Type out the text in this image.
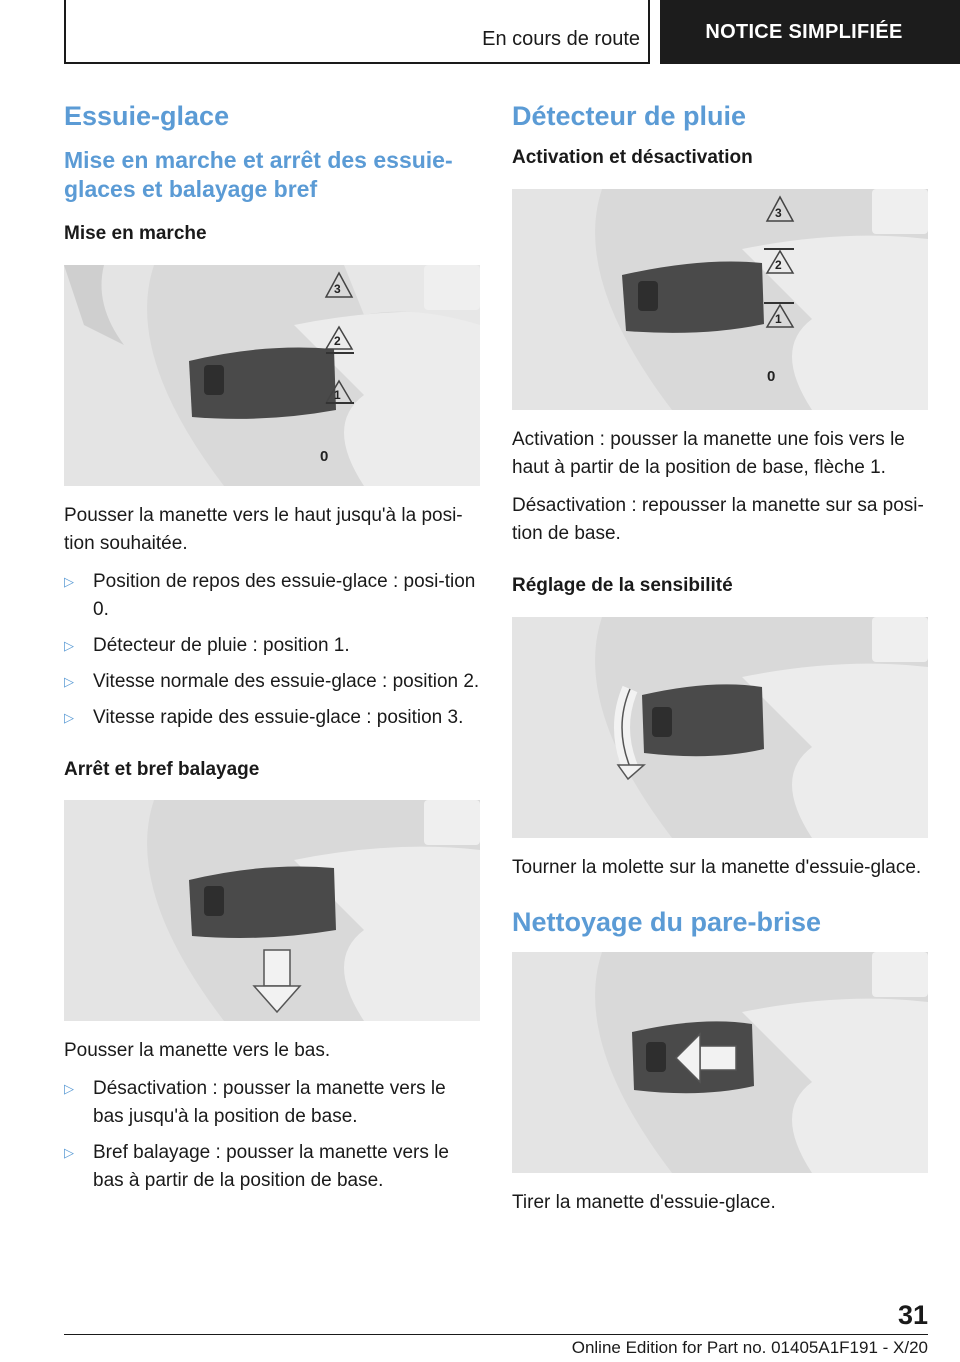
En cours de route	NOTICE SIMPLIFIÉE
Essuie-glace
Mise en marche et arrêt des essuie-glaces et balayage bref
Mise en marche
3
2
1
0

Pousser la manette vers le haut jusqu'à la posi-tion souhaitée.

▷	Position de repos des essuie-glace : posi-tion 0.
▷	Détecteur de pluie : position 1.
▷	Vitesse normale des essuie-glace : position 2.
▷	Vitesse rapide des essuie-glace : position 3.
Arrêt et bref balayage

Pousser la manette vers le bas.

▷	Désactivation : pousser la manette vers le bas jusqu'à la position de base.
▷	Bref balayage : pousser la manette vers le bas à partir de la position de base.
Détecteur de pluie
Activation et désactivation
3
2
1
0

Activation : pousser la manette une fois vers le haut à partir de la position de base, flèche 1.

Désactivation : repousser la manette sur sa posi-tion de base.

Réglage de la sensibilité

Tourner la molette sur la manette d'essuie-glace.

Nettoyage du pare-brise

Tirer la manette d'essuie-glace.

31
Online Edition for Part no. 01405A1F191 - X/20
